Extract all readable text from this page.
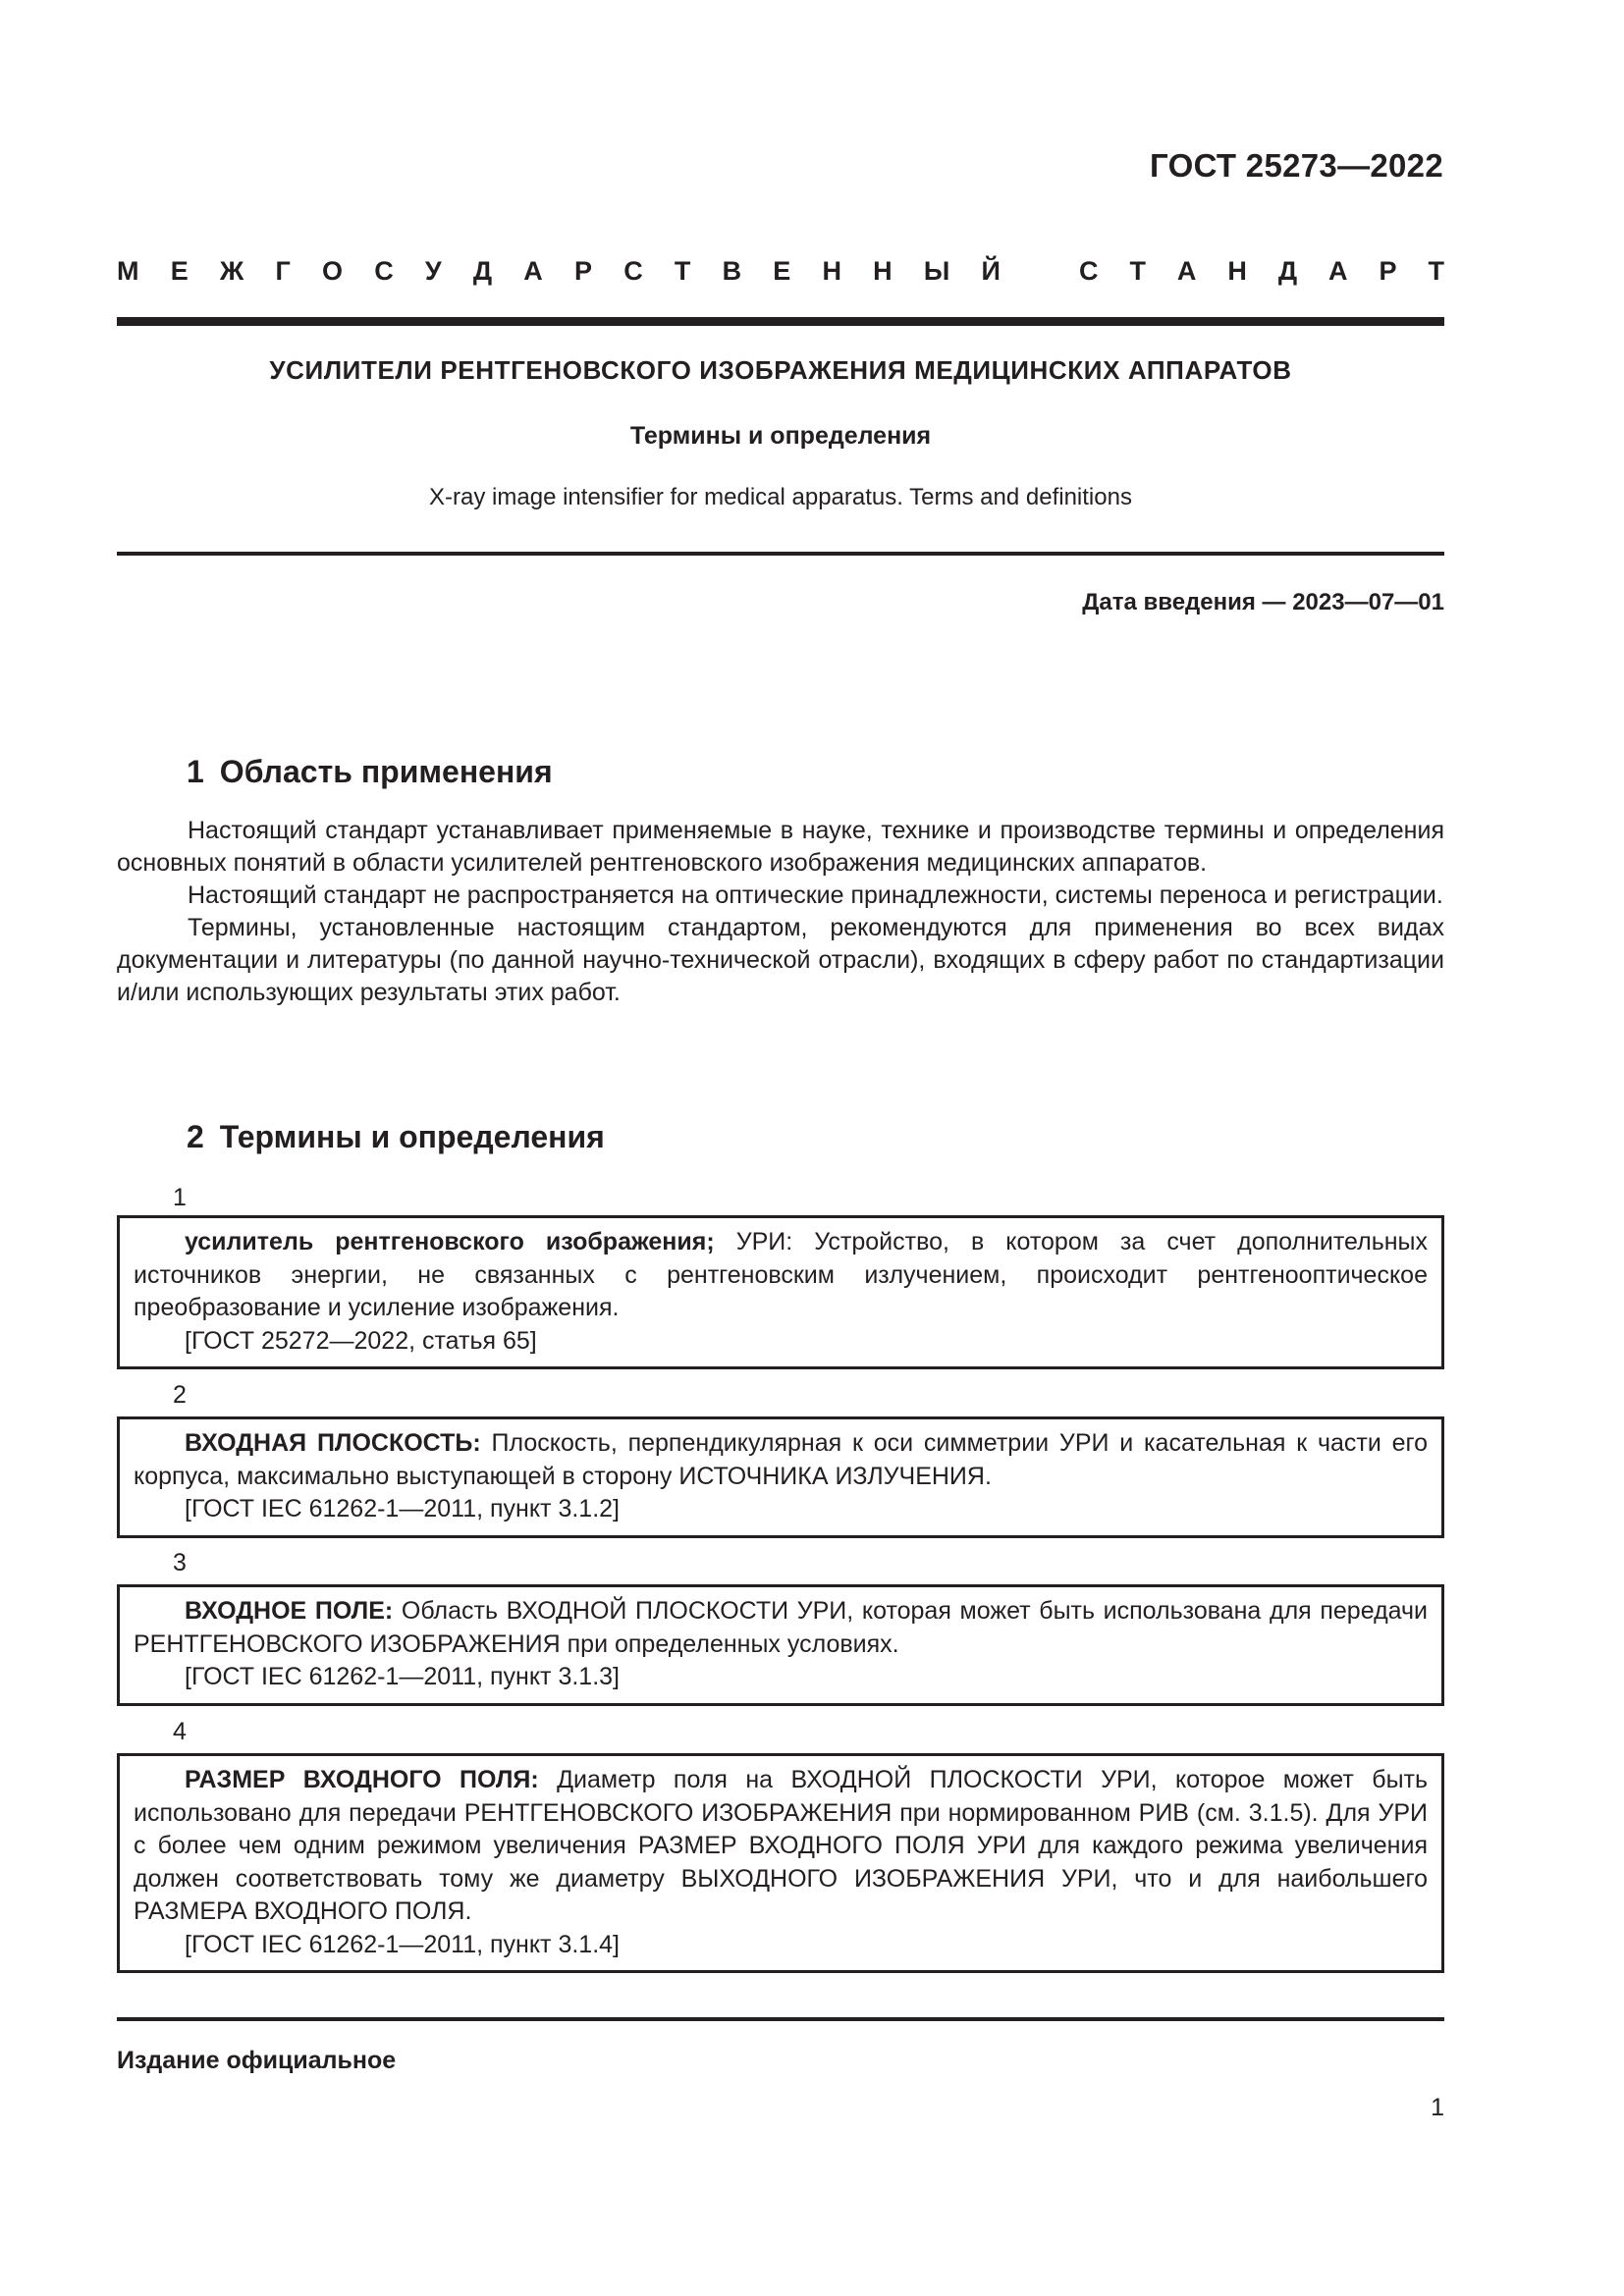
ГОСТ 25273—2022
М Е Ж Г О С У Д А Р С Т В Е Н Н Ы Й	С Т А Н Д А Р Т
УСИЛИТЕЛИ РЕНТГЕНОВСКОГО ИЗОБРАЖЕНИЯ МЕДИЦИНСКИХ АППАРАТОВ
Термины и определения
X-ray image intensifier for medical apparatus. Terms and definitions
Дата введения — 2023—07—01
1 Область применения

Настоящий стандарт устанавливает применяемые в науке, технике и производстве термины и определения основных понятий в области усилителей рентгеновского изображения медицинских аппаратов.

Настоящий стандарт не распространяется на оптические принадлежности, системы переноса и регистрации.

Термины, установленные настоящим стандартом, рекомендуются для применения во всех видах документации и литературы (по данной научно-технической отрасли), входящих в сферу работ по стандартизации и/или использующих результаты этих работ.

2 Термины и определения
1

усилитель рентгеновского изображения; УРИ: Устройство, в котором за счет дополнительных источников энергии, не связанных с рентгеновским излучением, происходит рентгенооптическое преобразование и усиление изображения.

[ГОСТ 25272—2022, статья 65]

2

ВХОДНАЯ ПЛОСКОСТЬ: Плоскость, перпендикулярная к оси симметрии УРИ и касательная к части его корпуса, максимально выступающей в сторону ИСТОЧНИКА ИЗЛУЧЕНИЯ.

[ГОСТ IEC 61262-1—2011, пункт 3.1.2]

3

ВХОДНОЕ ПОЛЕ: Область ВХОДНОЙ ПЛОСКОСТИ УРИ, которая может быть использована для передачи РЕНТГЕНОВСКОГО ИЗОБРАЖЕНИЯ при определенных условиях.

[ГОСТ IEC 61262-1—2011, пункт 3.1.3]

4

РАЗМЕР ВХОДНОГО ПОЛЯ: Диаметр поля на ВХОДНОЙ ПЛОСКОСТИ УРИ, которое может быть использовано для передачи РЕНТГЕНОВСКОГО ИЗОБРАЖЕНИЯ при нормированном РИВ (см. 3.1.5). Для УРИ с более чем одним режимом увеличения РАЗМЕР ВХОДНОГО ПОЛЯ УРИ для каждого режима увеличения должен соответствовать тому же диаметру ВЫХОДНОГО ИЗОБРАЖЕНИЯ УРИ, что и для наибольшего РАЗМЕРА ВХОДНОГО ПОЛЯ.

[ГОСТ IEC 61262-1—2011, пункт 3.1.4]

Издание официальное
1
